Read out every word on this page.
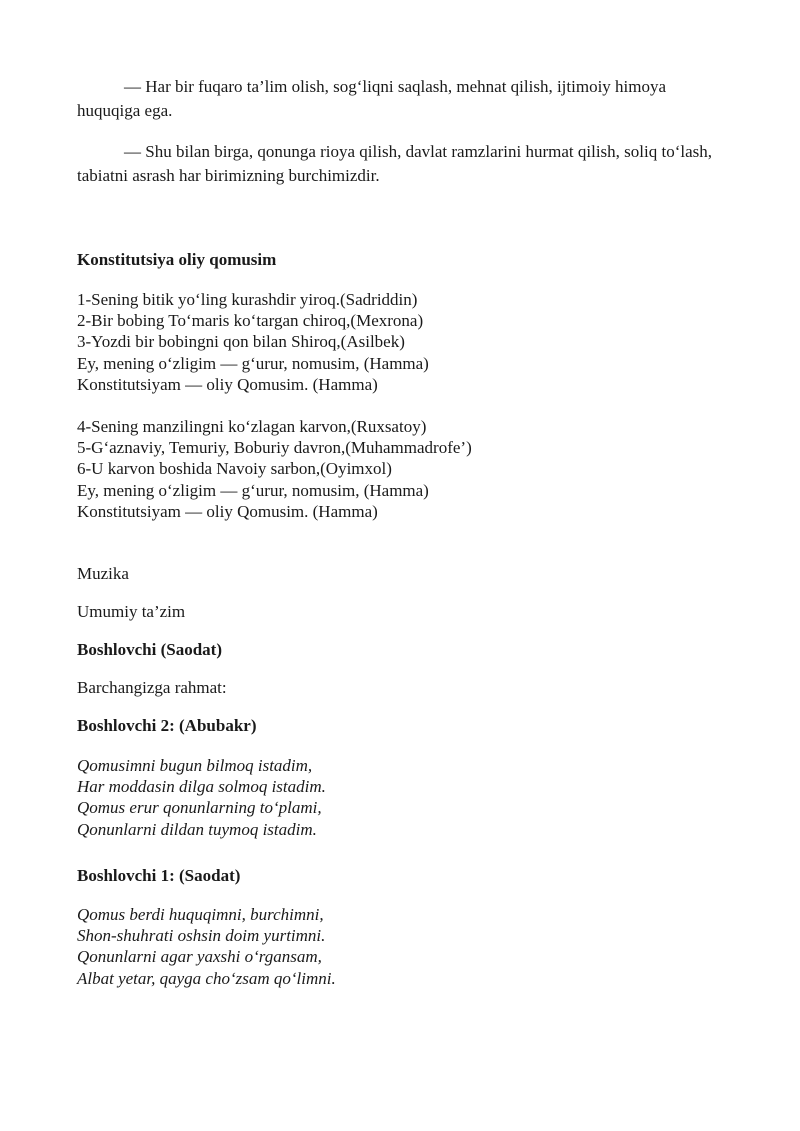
— Har bir fuqaro ta’lim olish, sog‘liqni saqlash, mehnat qilish, ijtimoiy himoya huquqiga ega.

— Shu bilan birga, qonunga rioya qilish, davlat ramzlarini hurmat qilish, soliq to‘lash, tabiatni asrash har birimizning burchimizdir.

Konstitutsiya oliy qomusim

1-Sening bitik yo‘ling kurashdir yiroq.(Sadriddin)
2-Bir bobing To‘maris ko‘targan chiroq,(Mexrona)
3-Yozdi bir bobingni qon bilan Shiroq,(Asilbek)
Ey, mening o‘zligim — g‘urur, nomusim, (Hamma)
Konstitutsiyam — oliy Qomusim. (Hamma)
4-Sening manzilingni ko‘zlagan karvon,(Ruxsatoy)
5-G‘aznaviy, Temuriy, Boburiy davron,(Muhammadrofe’)
6-U karvon boshida Navoiy sarbon,(Oyimxol)
Ey, mening o‘zligim — g‘urur, nomusim, (Hamma)
Konstitutsiyam — oliy Qomusim. (Hamma)

Muzika

Umumiy ta’zim

Boshlovchi (Saodat)

Barchangizga rahmat:

Boshlovchi 2: (Abubakr)

Qomusimni bugun bilmoq istadim,
Har moddasin dilga solmoq istadim.
Qomus erur qonunlarning to‘plami,
Qonunlarni dildan tuymoq istadim.

Boshlovchi 1: (Saodat)

Qomus berdi huquqimni, burchimni,
Shon-shuhrati oshsin doim yurtimni.
Qonunlarni agar yaxshi o‘rgansam,
Albat yetar, qayga cho‘zsam qo‘limni.
